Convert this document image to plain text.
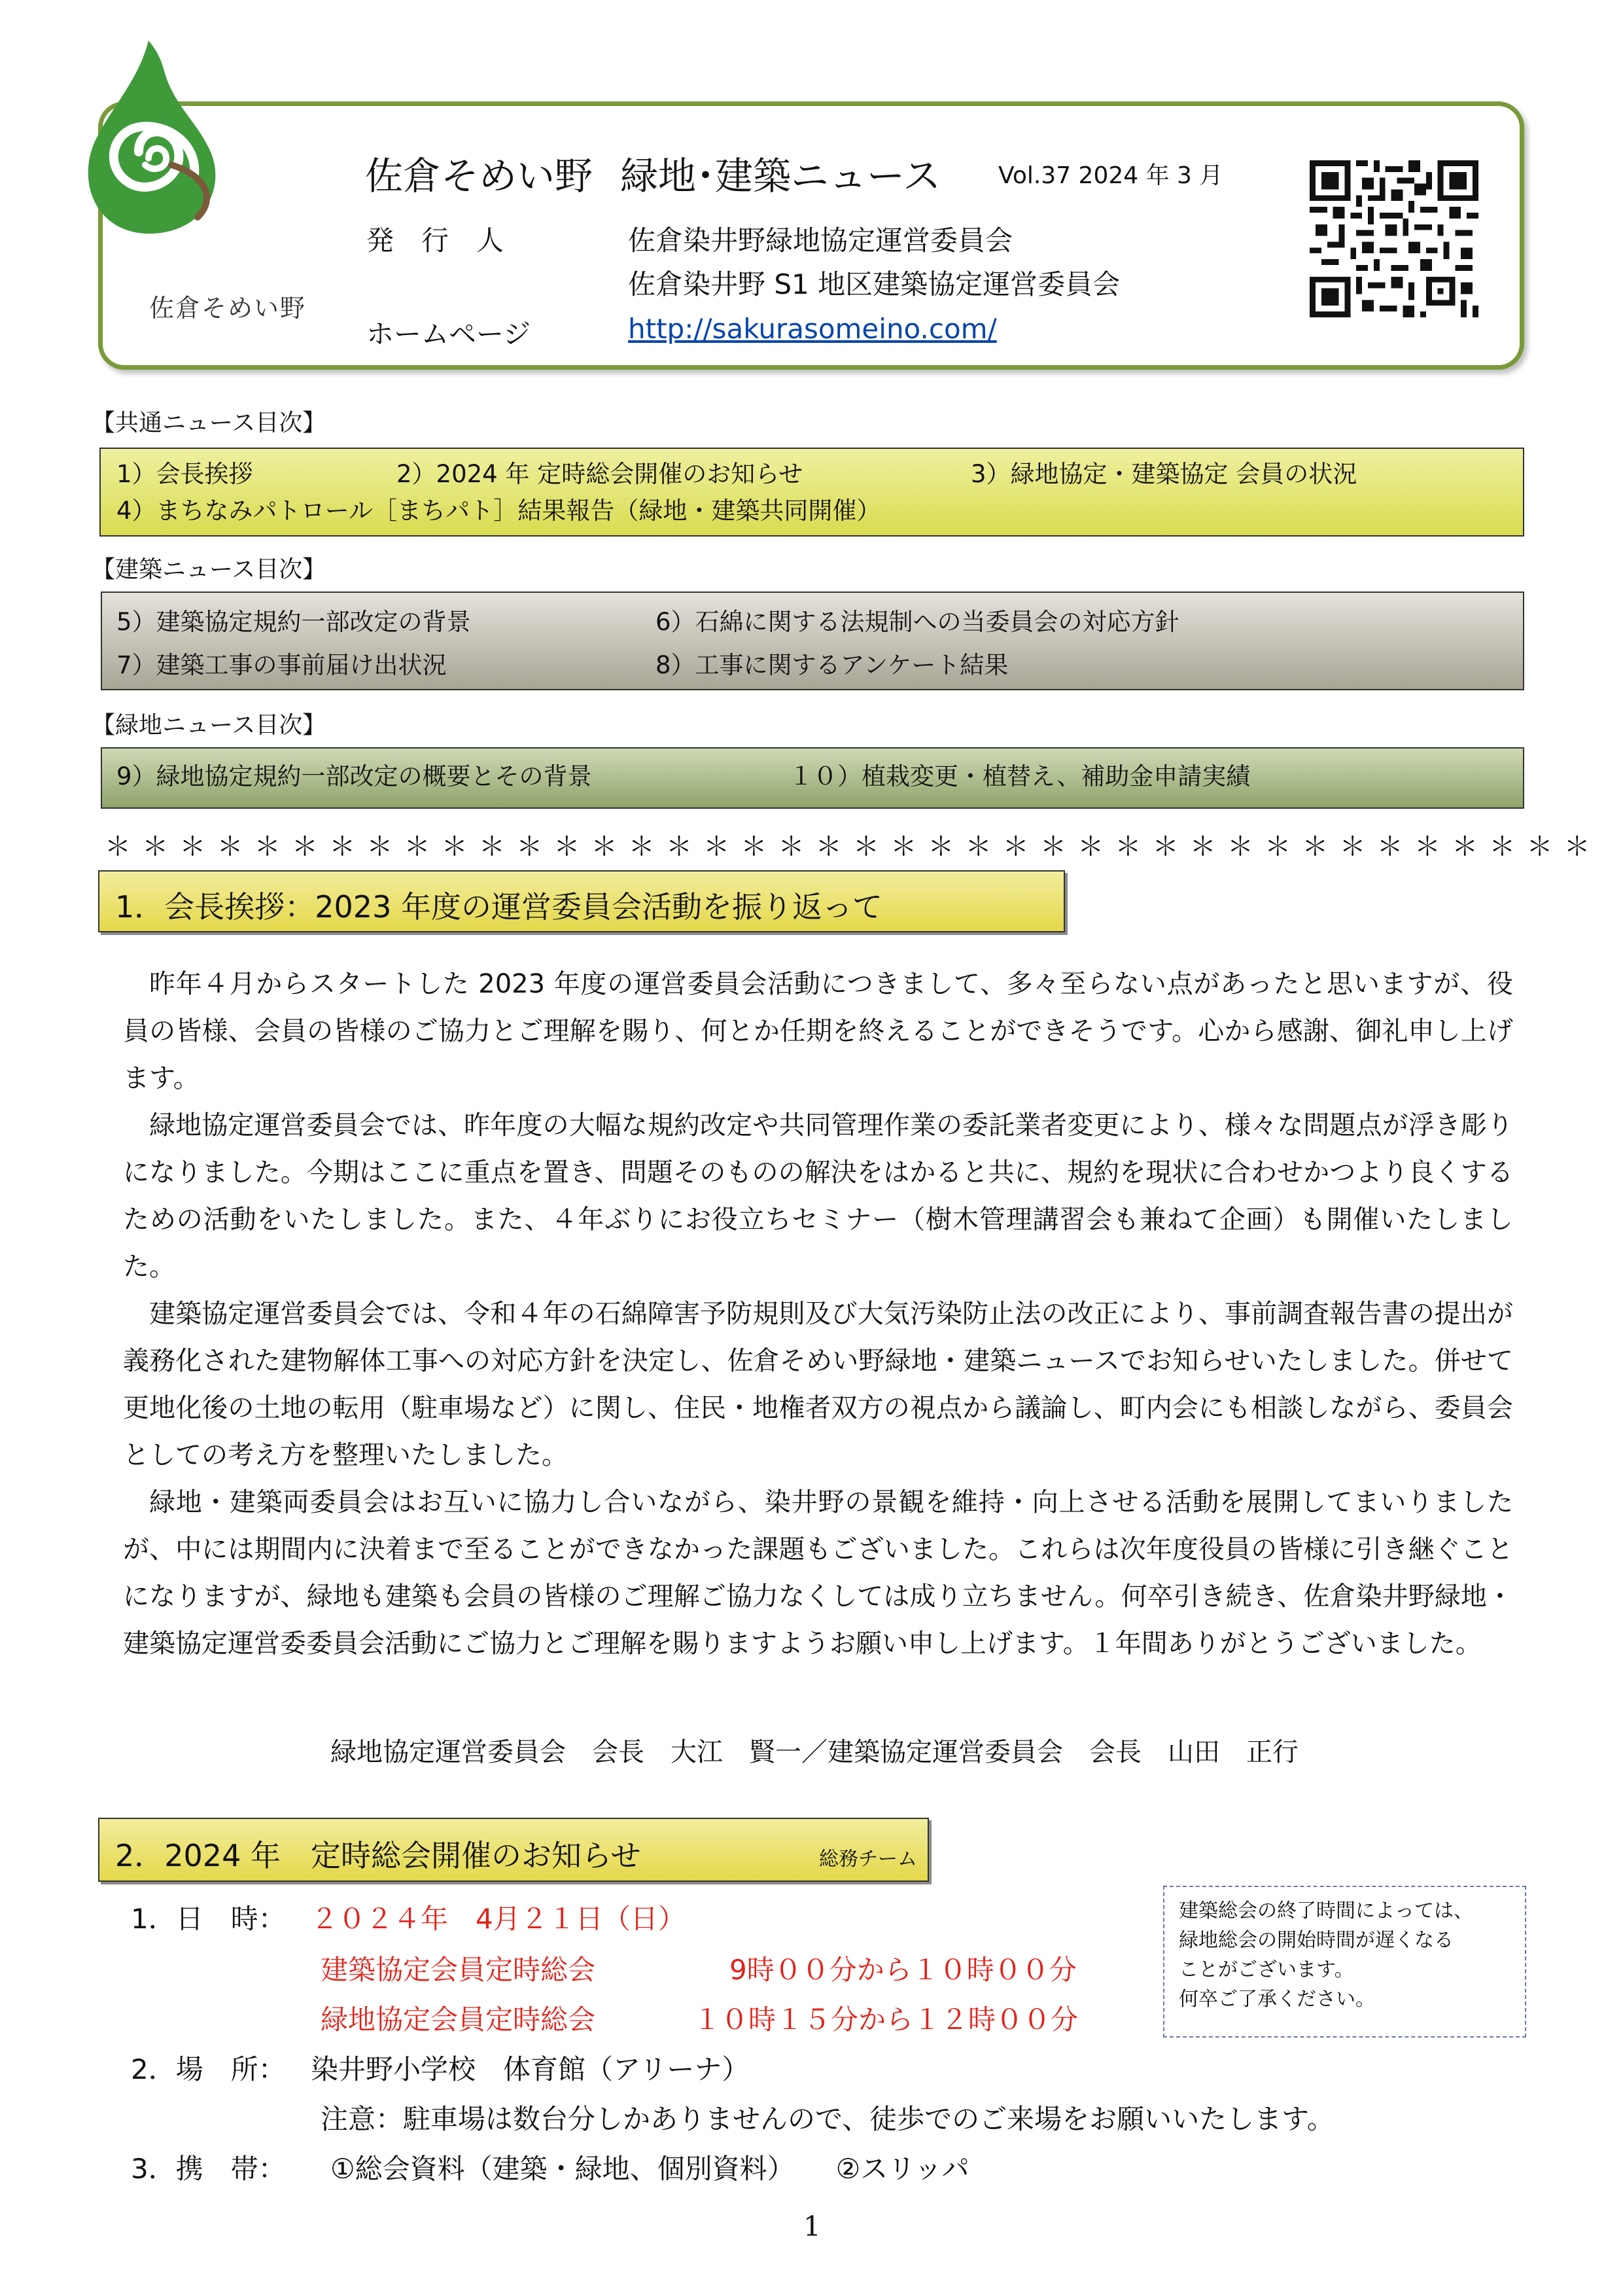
佐倉そめい野
佐倉そめい野 緑地･建築ニュース Vol.37 2024 年 3 月
発　行　人	佐倉染井野緑地協定運営委員会
佐倉染井野 S1 地区建築協定運営委員会
ホームページ	http://sakurasomeino.com/
【共通ニュース目次】
1）会長挨拶	2）2024 年 定時総会開催のお知らせ	3）緑地協定・建築協定 会員の状況
4）まちなみパトロール［まちパト］結果報告（緑地・建築共同開催）
【建築ニュース目次】
5）建築協定規約一部改定の背景	6）石綿に関する法規制への当委員会の対応方針
7）建築工事の事前届け出状況	8）工事に関するアンケート結果
【緑地ニュース目次】
9）緑地協定規約一部改定の概要とその背景	１０）植栽変更・植替え、補助金申請実績
＊＊＊＊＊＊＊＊＊＊＊＊＊＊＊＊＊＊＊＊＊＊＊＊＊＊＊＊＊＊＊＊＊＊＊＊＊＊＊＊
1．会長挨拶：2023 年度の運営委員会活動を振り返って

昨年４月からスタートした 2023 年度の運営委員会活動につきまして、多々至らない点があったと思いますが、役員の皆様、会員の皆様のご協力とご理解を賜り、何とか任期を終えることができそうです。心から感謝、御礼申し上げます。

緑地協定運営委員会では、昨年度の大幅な規約改定や共同管理作業の委託業者変更により、様々な問題点が浮き彫りになりました。今期はここに重点を置き、問題そのものの解決をはかると共に、規約を現状に合わせかつより良くするための活動をいたしました。また、４年ぶりにお役立ちセミナー（樹木管理講習会も兼ねて企画）も開催いたしました。

建築協定運営委員会では、令和４年の石綿障害予防規則及び大気汚染防止法の改正により、事前調査報告書の提出が義務化された建物解体工事への対応方針を決定し、佐倉そめい野緑地・建築ニュースでお知らせいたしました。併せて更地化後の土地の転用（駐車場など）に関し、住民・地権者双方の視点から議論し、町内会にも相談しながら、委員会としての考え方を整理いたしました。

緑地・建築両委員会はお互いに協力し合いながら、染井野の景観を維持・向上させる活動を展開してまいりましたが、中には期間内に決着まで至ることができなかった課題もございました。これらは次年度役員の皆様に引き継ぐことになりますが、緑地も建築も会員の皆様のご理解ご協力なくしては成り立ちません。何卒引き続き、佐倉染井野緑地・建築協定運営委委員会活動にご協力とご理解を賜りますようお願い申し上げます。１年間ありがとうございました。

緑地協定運営委員会　会長　大江　賢一／建築協定運営委員会　会長　山田　正行
2．2024 年　定時総会開催のお知らせ	総務チーム
1．日　時： ２０２４年　4月２１日（日）
建築協定会員定時総会	9時００分から１０時００分
緑地協定会員定時総会	１０時１５分から１２時００分
建築総会の終了時間によっては、
緑地総会の開始時間が遅くなる
ことがございます。
何卒ご了承ください。
2．場　所： 染井野小学校　体育館（アリーナ）
注意：駐車場は数台分しかありませんので、徒歩でのご来場をお願いいたします。
3．携　帯： ①総会資料（建築・緑地、個別資料）　　②スリッパ
1
